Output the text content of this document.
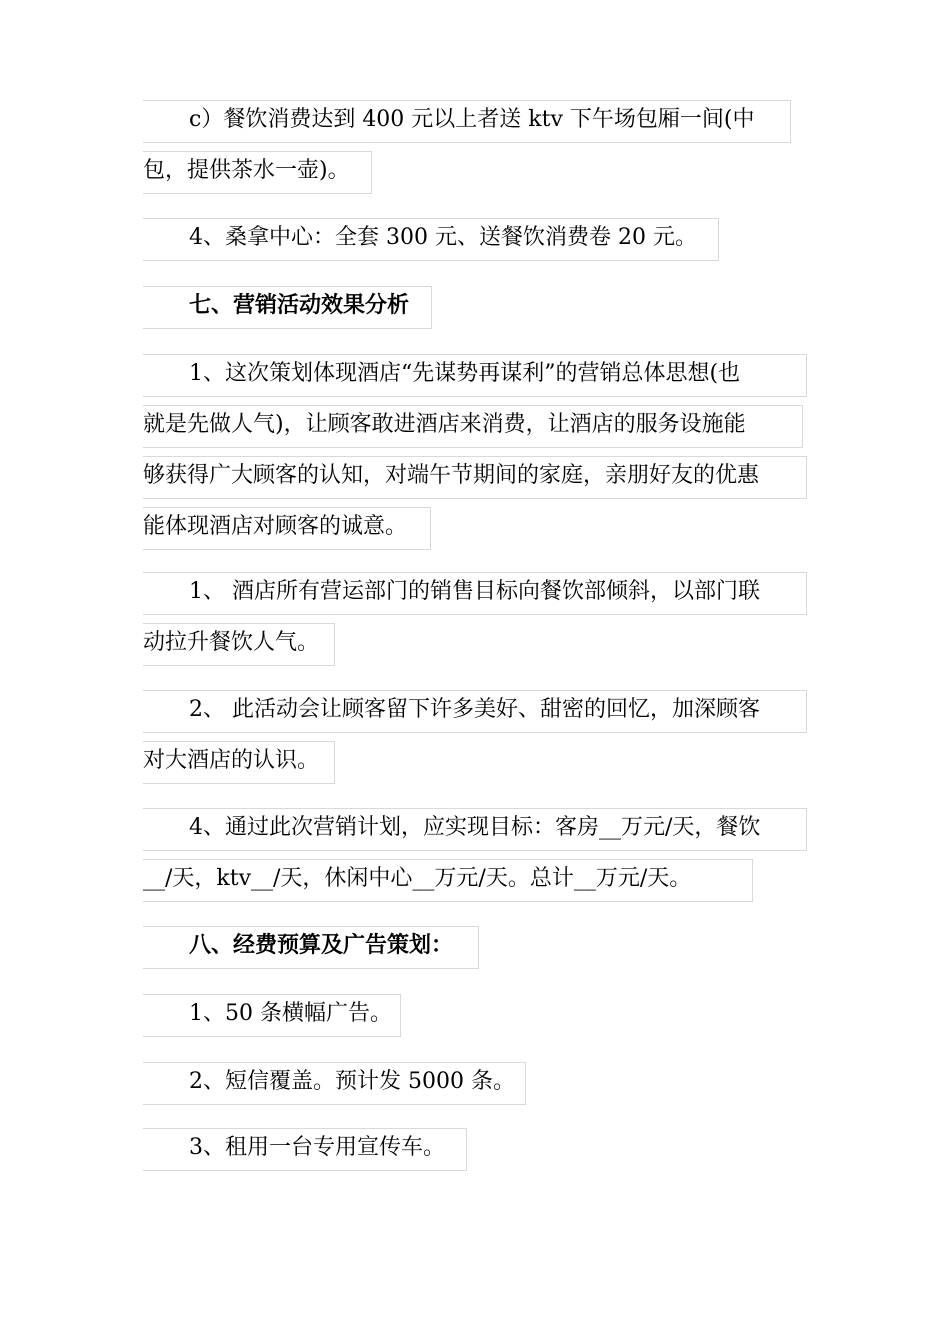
c）餐饮消费达到 400 元以上者送 ktv 下午场包厢一间(中
包，提供茶水一壶)。
4、桑拿中心：全套 300 元、送餐饮消费卷 20 元。
七、营销活动效果分析
1、这次策划体现酒店“先谋势再谋利”的营销总体思想(也
就是先做人气)，让顾客敢进酒店来消费，让酒店的服务设施能
够获得广大顾客的认知，对端午节期间的家庭，亲朋好友的优惠
能体现酒店对顾客的诚意。
1、 酒店所有营运部门的销售目标向餐饮部倾斜，以部门联
动拉升餐饮人气。
2、 此活动会让顾客留下许多美好、甜密的回忆，加深顾客
对大酒店的认识。
4、通过此次营销计划，应实现目标：客房__万元/天，餐饮
__/天，ktv__/天，休闲中心__万元/天。总计__万元/天。
八、经费预算及广告策划：
1、50 条横幅广告。
2、短信覆盖。预计发 5000 条。
3、租用一台专用宣传车。
